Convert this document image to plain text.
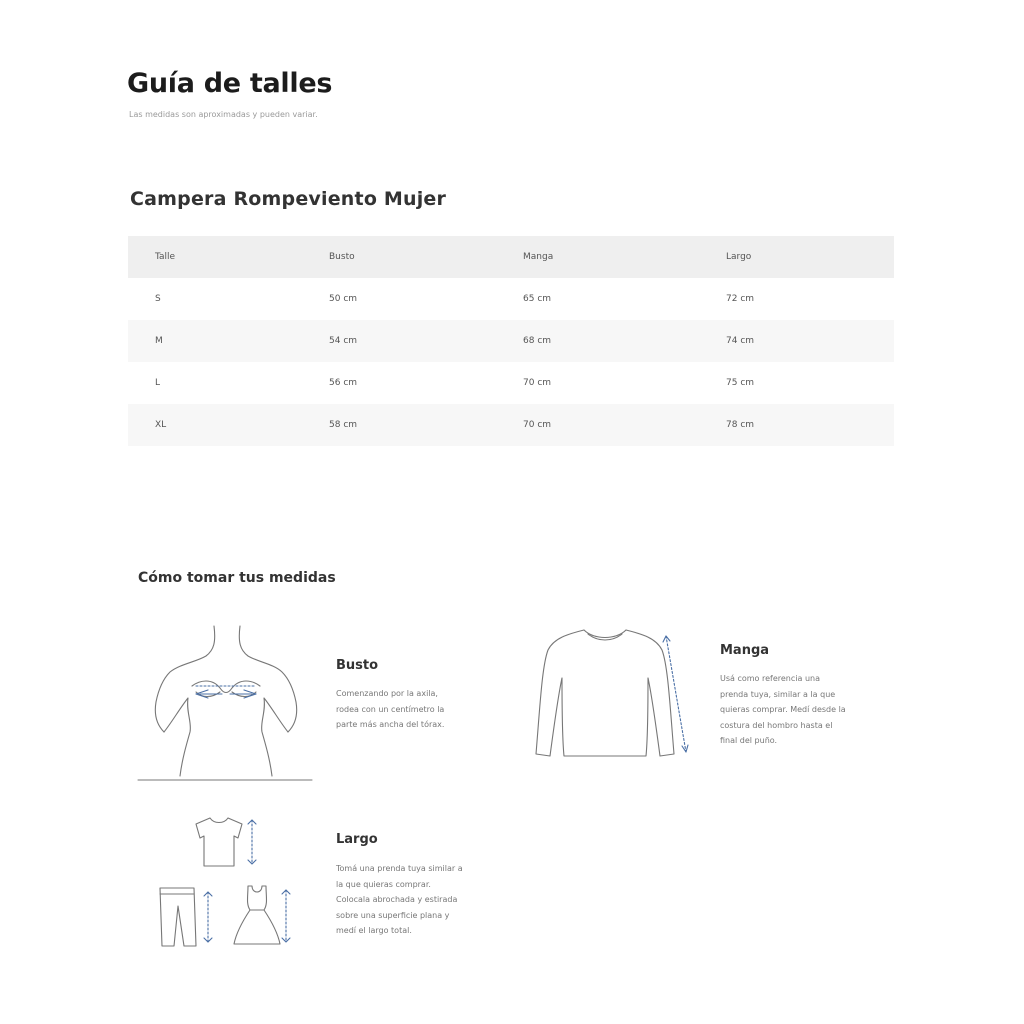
Guía de talles

Las medidas son aproximadas y pueden variar.

Campera Rompeviento Mujer
Talle	Busto	Manga	Largo
S	50 cm	65 cm	72 cm
M	54 cm	68 cm	74 cm
L	56 cm	70 cm	75 cm
XL	58 cm	70 cm	78 cm
Cómo tomar tus medidas
Busto
Comenzando por la axila,
rodea con un centímetro la
parte más ancha del tórax.
Manga
Usá como referencia una
prenda tuya, similar a la que
quieras comprar. Medí desde la
costura del hombro hasta el
final del puño.
Largo
Tomá una prenda tuya similar a
la que quieras comprar.
Colocala abrochada y estirada
sobre una superficie plana y
medí el largo total.
